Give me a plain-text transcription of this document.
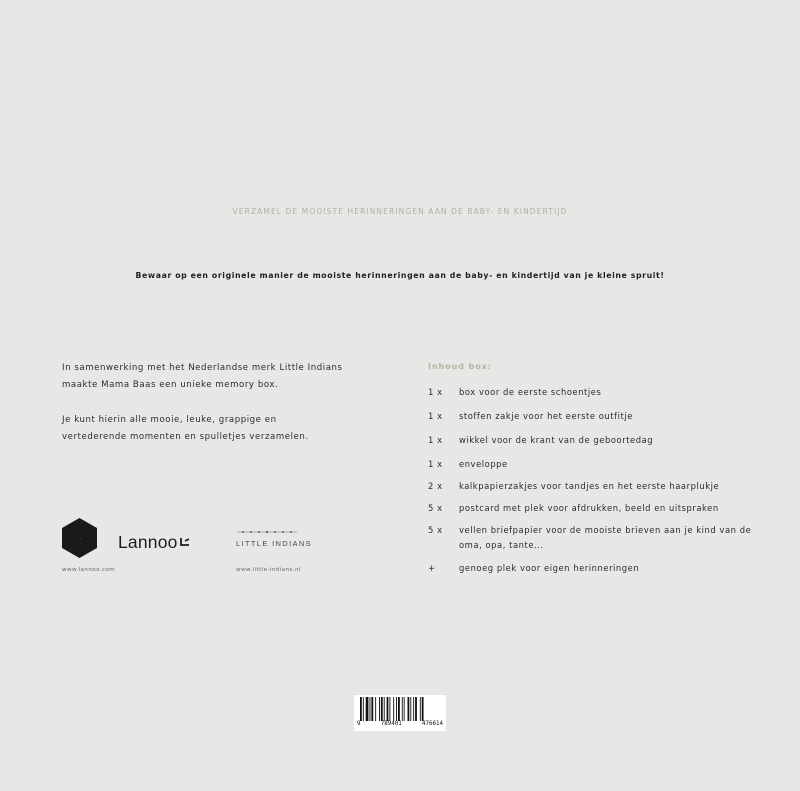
VERZAMEL DE MOOISTE HERINNERINGEN AAN DE BABY- EN KINDERTIJD
Bewaar op een originele manier de mooiste herinneringen aan de baby- en kindertijd van je kleine spruit!

In samenwerking met het Nederlandse merk Little Indians
maakte Mama Baas een unieke memory box.

Je kunt hierin alle mooie, leuke, grappige en
vertederende momenten en spulletjes verzamelen.

Inhoud box:
1 x	box voor de eerste schoentjes
1 x	stoffen zakje voor het eerste outfitje
1 x	wikkel voor de krant van de geboortedag
1 x	enveloppe
2 x	kalkpapierzakjes voor tandjes en het eerste haarplukje
5 x	postcard met plek voor afdrukken, beeld en uitspraken
5 x	vellen briefpapier voor de mooiste brieven aan je kind van de oma, opa, tante...
+	genoeg plek voor eigen herinneringen
· · Lannoo	LITTLE INDIANS
www.lannoo.com	www.little-indians.nl
9	789401	476614
